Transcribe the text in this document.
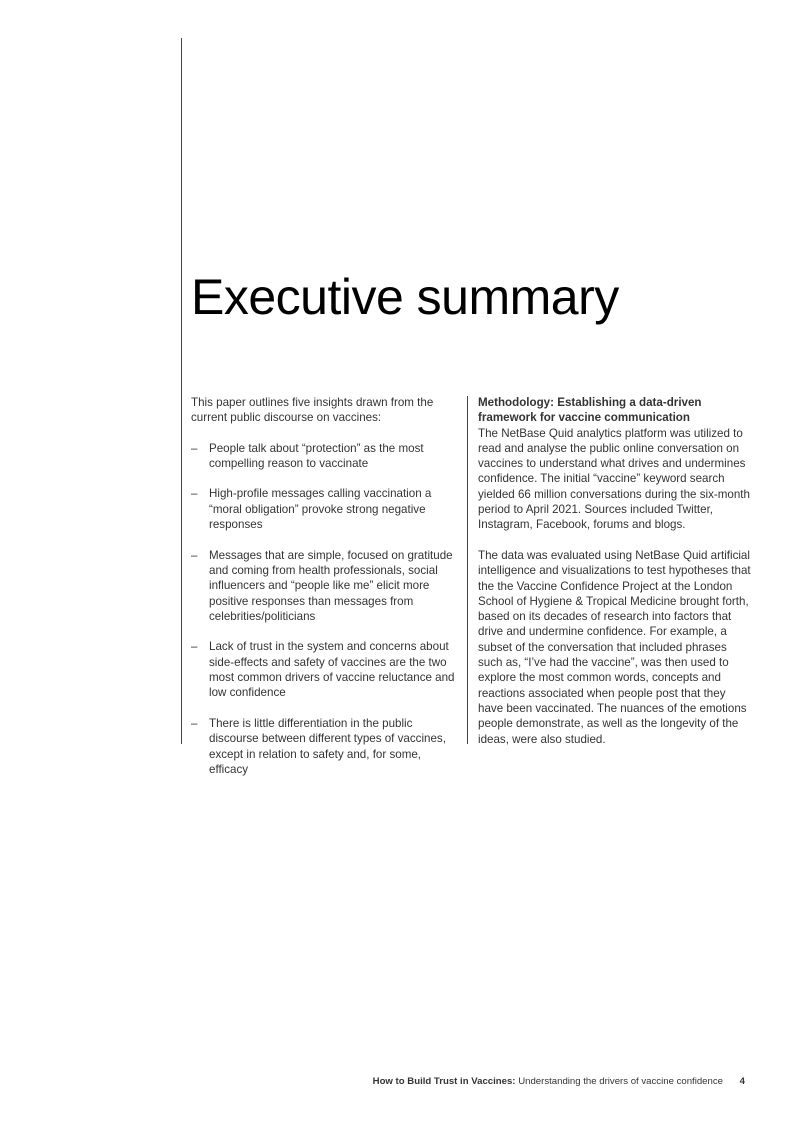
Executive summary

This paper outlines five insights drawn from the current public discourse on vaccines:

– People talk about “protection” as the most compelling reason to vaccinate
– High-profile messages calling vaccination a “moral obligation” provoke strong negative responses
– Messages that are simple, focused on gratitude and coming from health professionals, social influencers and “people like me” elicit more positive responses than messages from celebrities/politicians
– Lack of trust in the system and concerns about side-effects and safety of vaccines are the two most common drivers of vaccine reluctance and low confidence
– There is little differentiation in the public discourse between different types of vaccines, except in relation to safety and, for some, efficacy
Methodology: Establishing a data-driven framework for vaccine communication

The NetBase Quid analytics platform was utilized to read and analyse the public online conversation on vaccines to understand what drives and undermines confidence. The initial “vaccine” keyword search yielded 66 million conversations during the six-month period to April 2021. Sources included Twitter, Instagram, Facebook, forums and blogs.

The data was evaluated using NetBase Quid artificial intelligence and visualizations to test hypotheses that the the Vaccine Confidence Project at the London School of Hygiene & Tropical Medicine brought forth, based on its decades of research into factors that drive and undermine confidence. For example, a subset of the conversation that included phrases such as, “I’ve had the vaccine”, was then used to explore the most common words, concepts and reactions associated when people post that they have been vaccinated. The nuances of the emotions people demonstrate, as well as the longevity of the ideas, were also studied.

How to Build Trust in Vaccines: Understanding the drivers of vaccine confidence 4
